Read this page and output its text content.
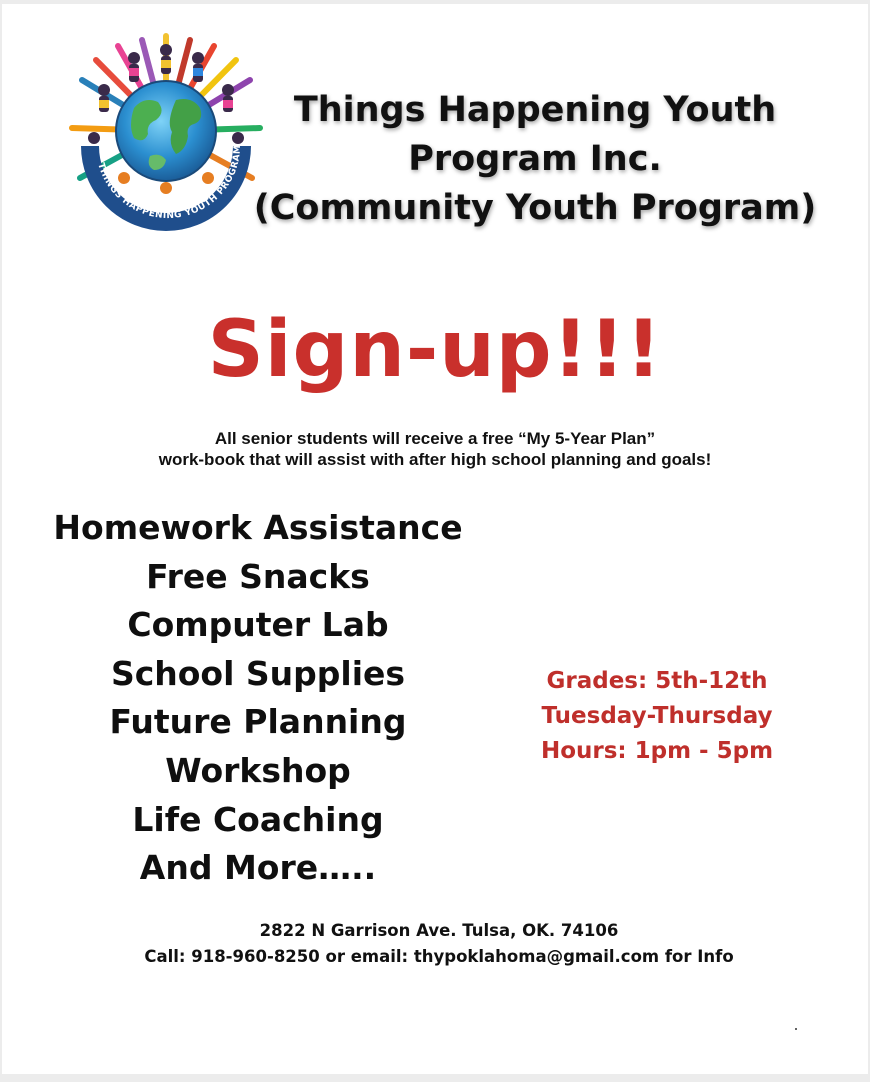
THINGS HAPPENING YOUTH PROGRAM
Things Happening Youth
Program Inc.
(Community Youth Program)
Sign-up!!!
All senior students will receive a free “My 5-Year Plan”
work-book that will assist with after high school planning and goals!
Homework Assistance
Free Snacks
Computer Lab
School Supplies
Future Planning
Workshop
Life Coaching
And More…..
Grades: 5th-12th
Tuesday-Thursday
Hours: 1pm - 5pm
2822 N Garrison Ave. Tulsa, OK. 74106
Call: 918-960-8250 or email: thypoklahoma@gmail.com for Info
